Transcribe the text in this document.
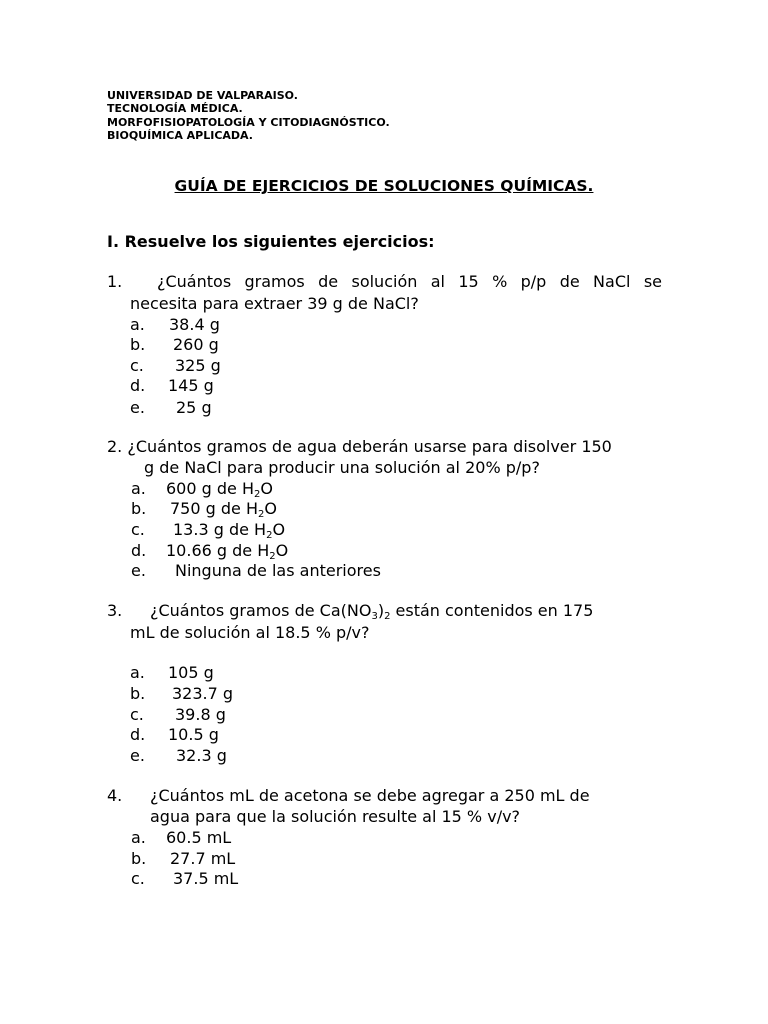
UNIVERSIDAD DE VALPARAISO.
TECNOLOGÍA MÉDICA.
MORFOFISIOPATOLOGÍA Y CITODIAGNÓSTICO.
BIOQUÍMICA APLICADA.
GUÍA DE EJERCICIOS DE SOLUCIONES QUÍMICAS.
I. Resuelve los siguientes ejercicios:
1. ¿Cuántos gramos de solución al 15 % p/p de NaCl se
necesita para extraer 39 g de NaCl?
a. 38.4 g
b. 260 g
c. 325 g
d. 145 g
e. 25 g
2. ¿Cuántos gramos de agua deberán usarse para disolver 150
g de NaCl para producir una solución al 20% p/p?
a. 600 g de $H_2O$
b. 750 g de $H_2O$
c. 13.3 g de $H_2O$
d. 10.66 g de $H_2O$
e. Ninguna de las anteriores
3. ¿Cuántos gramos de $Ca(NO_3)_2$ están contenidos en 175
mL de solución al 18.5 % p/v?
a. 105 g
b. 323.7 g
c. 39.8 g
d. 10.5 g
e. 32.3 g
4. ¿Cuántos mL de acetona se debe agregar a 250 mL de
agua para que la solución resulte al 15 % v/v?
a. 60.5 mL
b. 27.7 mL
c. 37.5 mL
